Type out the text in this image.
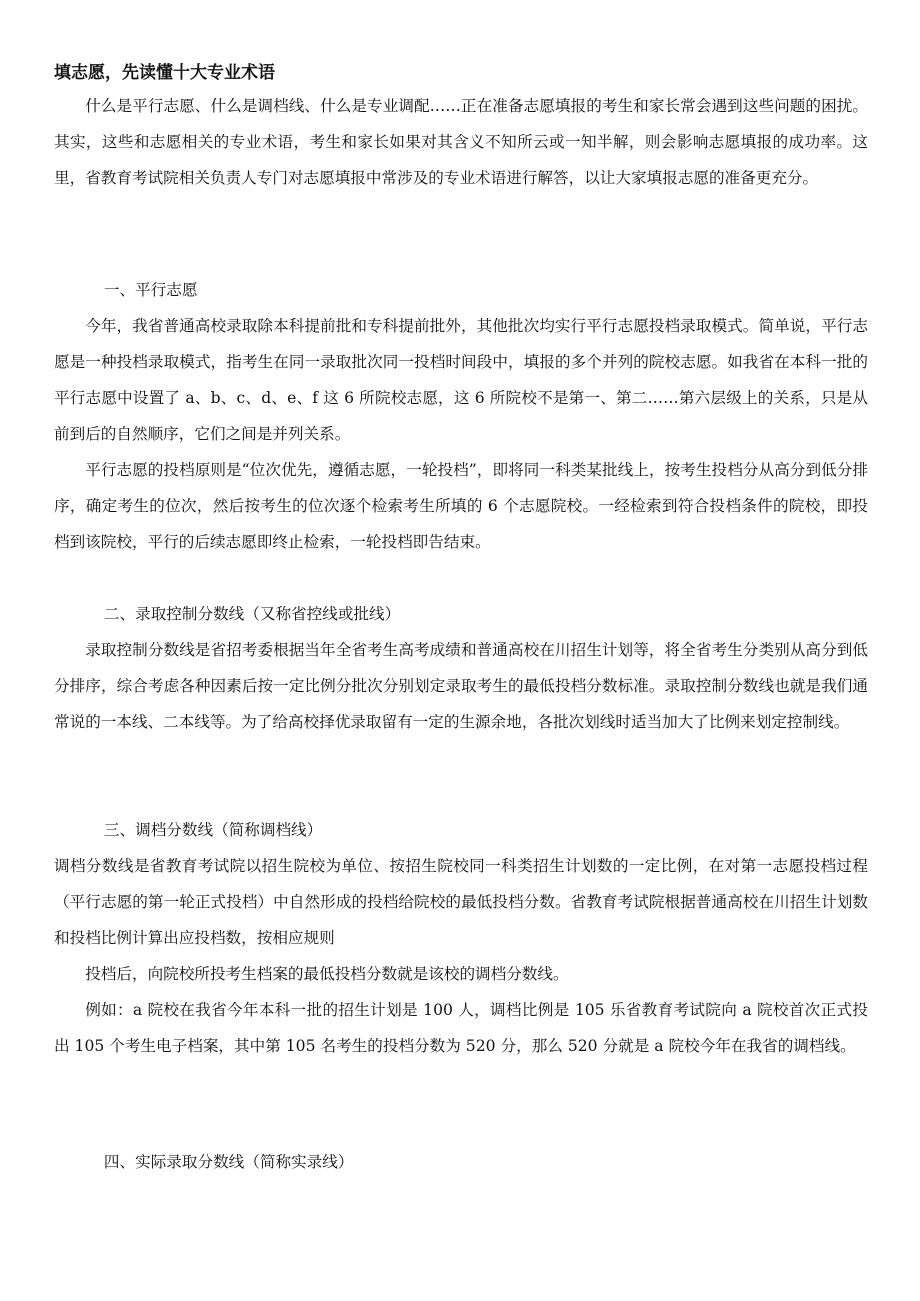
填志愿，先读懂十大专业术语

什么是平行志愿、什么是调档线、什么是专业调配……正在准备志愿填报的考生和家长常会遇到这些问题的困扰。其实，这些和志愿相关的专业术语，考生和家长如果对其含义不知所云或一知半解，则会影响志愿填报的成功率。这里，省教育考试院相关负责人专门对志愿填报中常涉及的专业术语进行解答，以让大家填报志愿的准备更充分。

一、平行志愿

今年，我省普通高校录取除本科提前批和专科提前批外，其他批次均实行平行志愿投档录取模式。简单说，平行志愿是一种投档录取模式，指考生在同一录取批次同一投档时间段中，填报的多个并列的院校志愿。如我省在本科一批的平行志愿中设置了 a、b、c、d、e、f 这 6 所院校志愿，这 6 所院校不是第一、第二……第六层级上的关系，只是从前到后的自然顺序，它们之间是并列关系。

平行志愿的投档原则是“位次优先，遵循志愿，一轮投档”，即将同一科类某批线上，按考生投档分从高分到低分排序，确定考生的位次，然后按考生的位次逐个检索考生所填的 6 个志愿院校。一经检索到符合投档条件的院校，即投档到该院校，平行的后续志愿即终止检索，一轮投档即告结束。

二、录取控制分数线（又称省控线或批线）

录取控制分数线是省招考委根据当年全省考生高考成绩和普通高校在川招生计划等，将全省考生分类别从高分到低分排序，综合考虑各种因素后按一定比例分批次分别划定录取考生的最低投档分数标准。录取控制分数线也就是我们通常说的一本线、二本线等。为了给高校择优录取留有一定的生源余地，各批次划线时适当加大了比例来划定控制线。

三、调档分数线（简称调档线）

调档分数线是省教育考试院以招生院校为单位、按招生院校同一科类招生计划数的一定比例，在对第一志愿投档过程（平行志愿的第一轮正式投档）中自然形成的投档给院校的最低投档分数。省教育考试院根据普通高校在川招生计划数和投档比例计算出应投档数，按相应规则

投档后，向院校所投考生档案的最低投档分数就是该校的调档分数线。

例如：a 院校在我省今年本科一批的招生计划是 100 人，调档比例是 105 乐省教育考试院向 a 院校首次正式投出 105 个考生电子档案，其中第 105 名考生的投档分数为 520 分，那么 520 分就是 a 院校今年在我省的调档线。

四、实际录取分数线（简称实录线）
